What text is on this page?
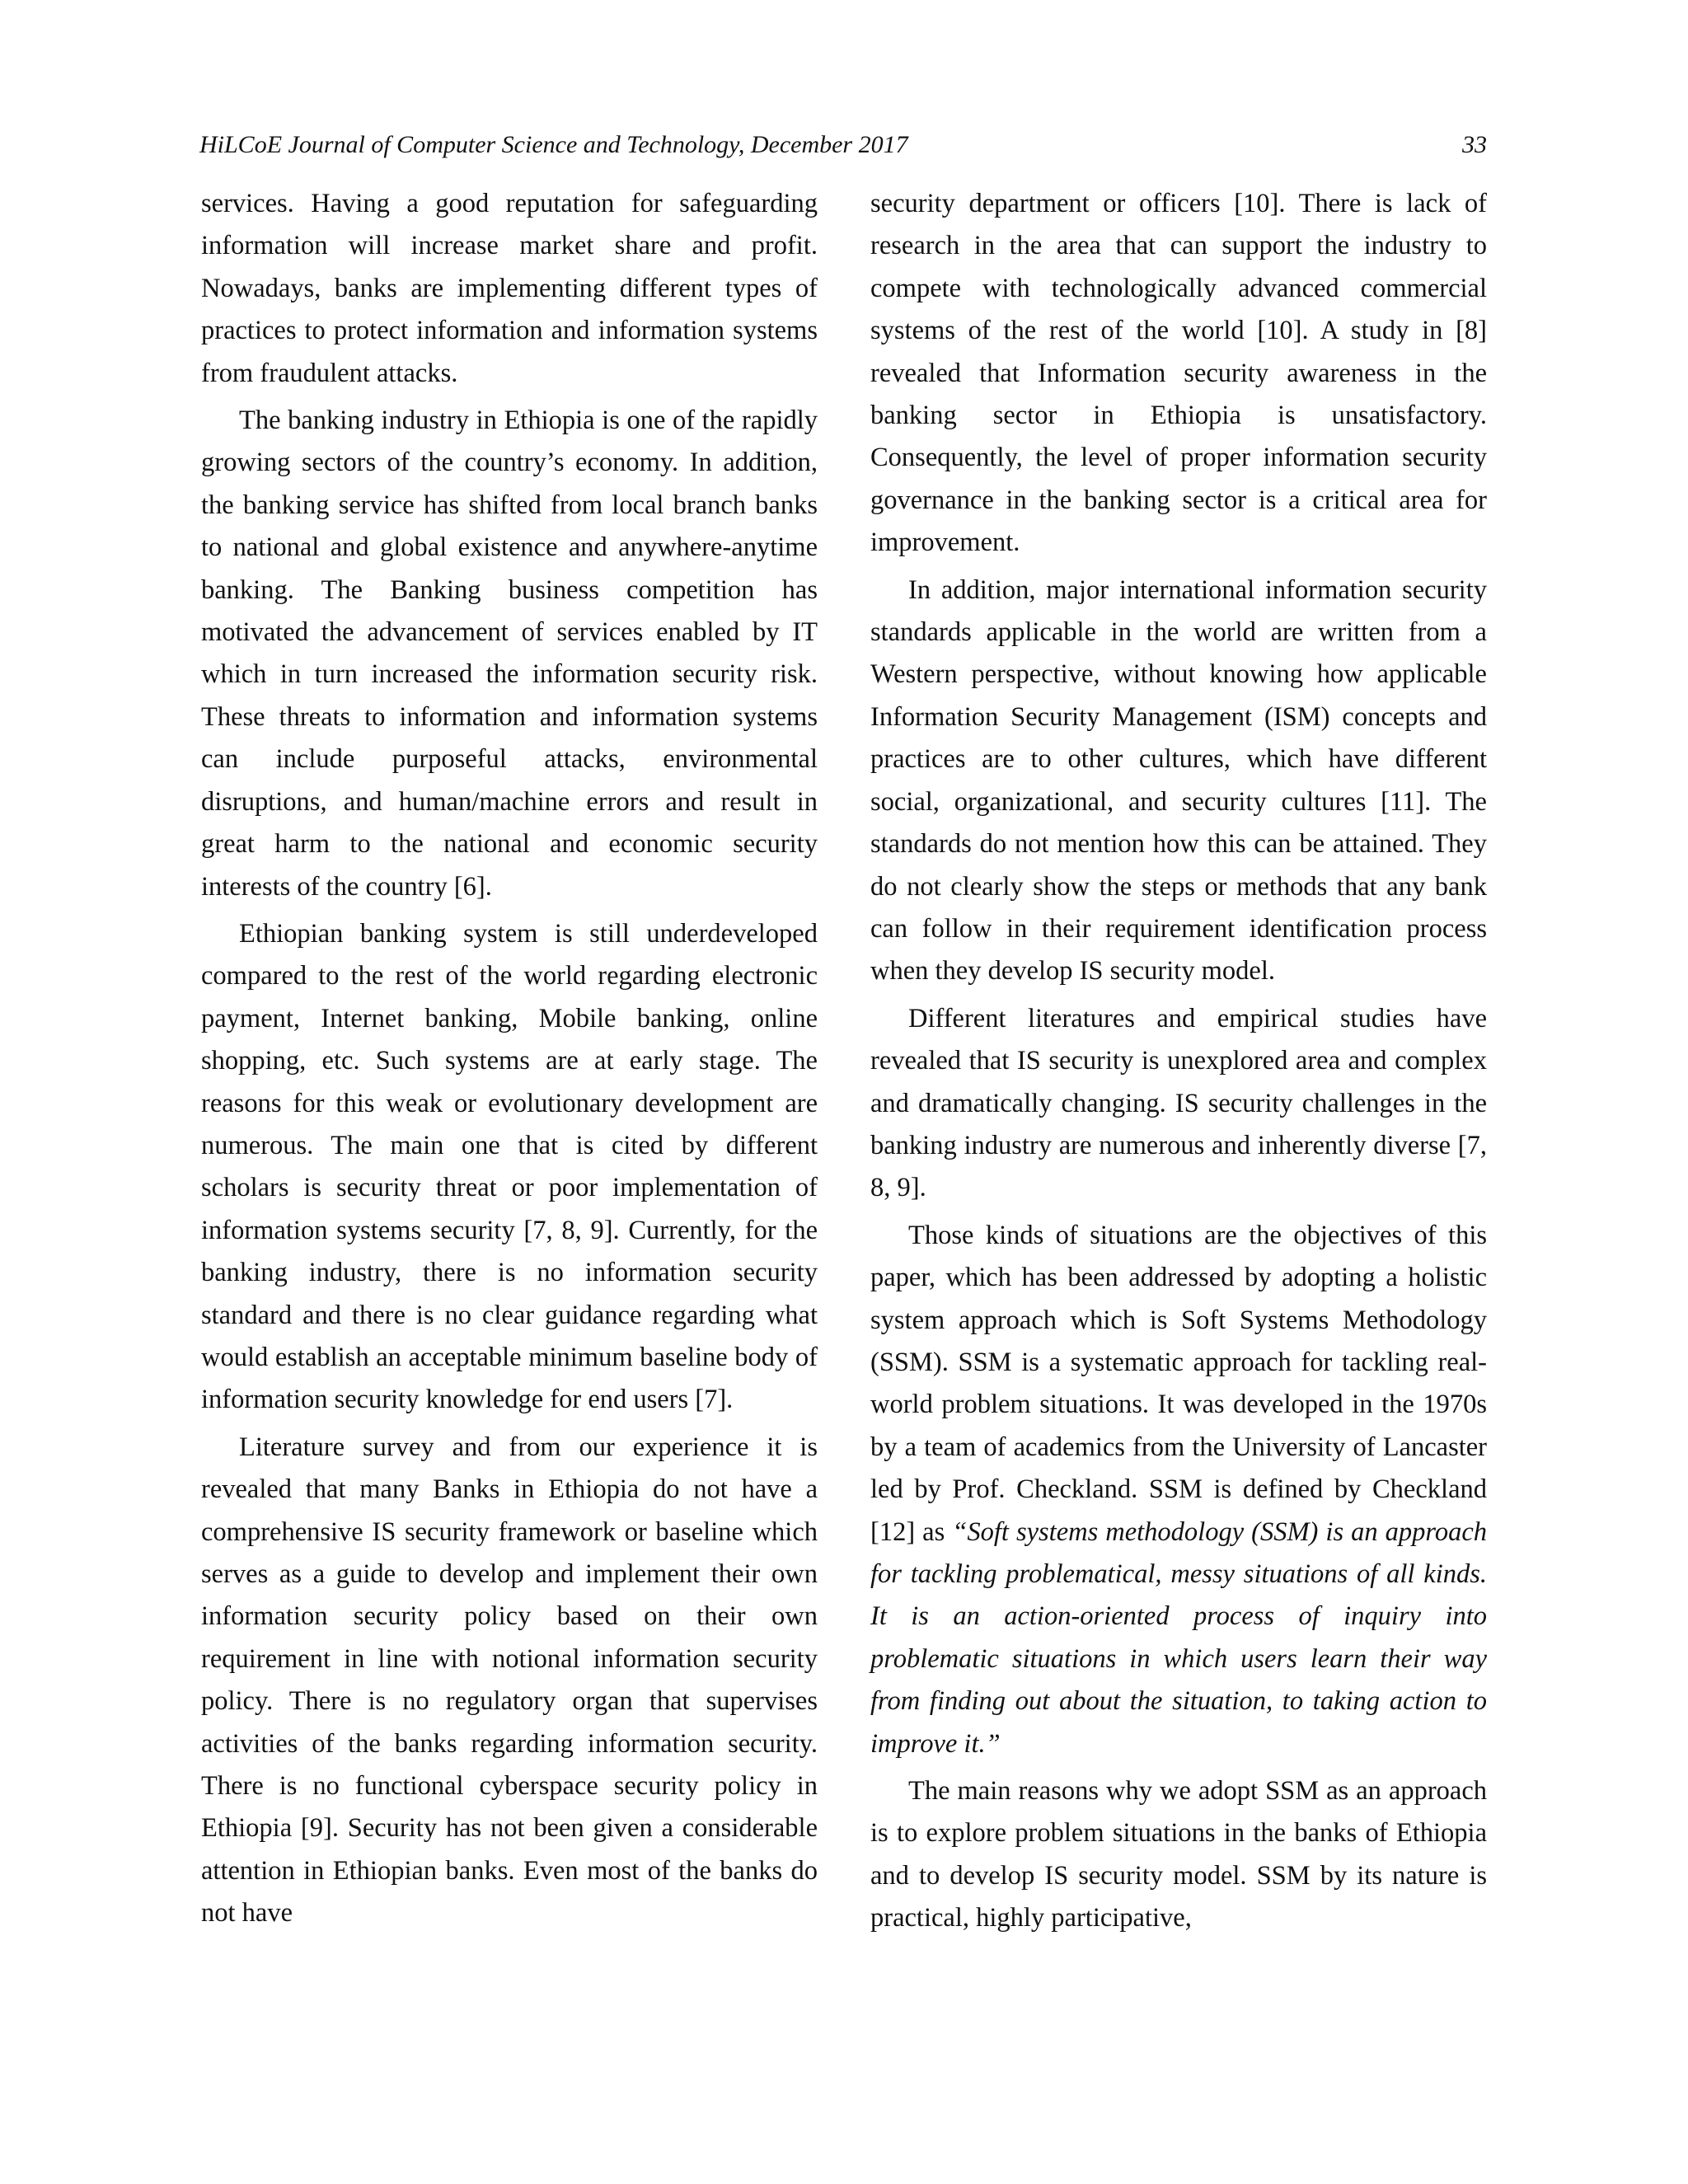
HiLCoE Journal of Computer Science and Technology, December 2017	33

services. Having a good reputation for safeguarding information will increase market share and profit. Nowadays, banks are implementing different types of practices to protect information and information systems from fraudulent attacks.

The banking industry in Ethiopia is one of the rapidly growing sectors of the country’s economy. In addition, the banking service has shifted from local branch banks to national and global existence and anywhere-anytime banking. The Banking business competition has motivated the advancement of services enabled by IT which in turn increased the information security risk. These threats to information and information systems can include purposeful attacks, environmental disruptions, and human/machine errors and result in great harm to the national and economic security interests of the country [6].

Ethiopian banking system is still underdeveloped compared to the rest of the world regarding electronic payment, Internet banking, Mobile banking, online shopping, etc. Such systems are at early stage. The reasons for this weak or evolutionary development are numerous. The main one that is cited by different scholars is security threat or poor implementation of information systems security [7, 8, 9]. Currently, for the banking industry, there is no information security standard and there is no clear guidance regarding what would establish an acceptable minimum baseline body of information security knowledge for end users [7].

Literature survey and from our experience it is revealed that many Banks in Ethiopia do not have a comprehensive IS security framework or baseline which serves as a guide to develop and implement their own information security policy based on their own requirement in line with notional information security policy. There is no regulatory organ that supervises activities of the banks regarding information security. There is no functional cyberspace security policy in Ethiopia [9]. Security has not been given a considerable attention in Ethiopian banks. Even most of the banks do not have

security department or officers [10]. There is lack of research in the area that can support the industry to compete with technologically advanced commercial systems of the rest of the world [10]. A study in [8] revealed that Information security awareness in the banking sector in Ethiopia is unsatisfactory. Consequently, the level of proper information security governance in the banking sector is a critical area for improvement.

In addition, major international information security standards applicable in the world are written from a Western perspective, without knowing how applicable Information Security Management (ISM) concepts and practices are to other cultures, which have different social, organizational, and security cultures [11]. The standards do not mention how this can be attained. They do not clearly show the steps or methods that any bank can follow in their requirement identification process when they develop IS security model.

Different literatures and empirical studies have revealed that IS security is unexplored area and complex and dramatically changing. IS security challenges in the banking industry are numerous and inherently diverse [7, 8, 9].

Those kinds of situations are the objectives of this paper, which has been addressed by adopting a holistic system approach which is Soft Systems Methodology (SSM). SSM is a systematic approach for tackling real-world problem situations. It was developed in the 1970s by a team of academics from the University of Lancaster led by Prof. Checkland. SSM is defined by Checkland [12] as “Soft systems methodology (SSM) is an approach for tackling problematical, messy situations of all kinds. It is an action-oriented process of inquiry into problematic situations in which users learn their way from finding out about the situation, to taking action to improve it.”

The main reasons why we adopt SSM as an approach is to explore problem situations in the banks of Ethiopia and to develop IS security model. SSM by its nature is practical, highly participative,
